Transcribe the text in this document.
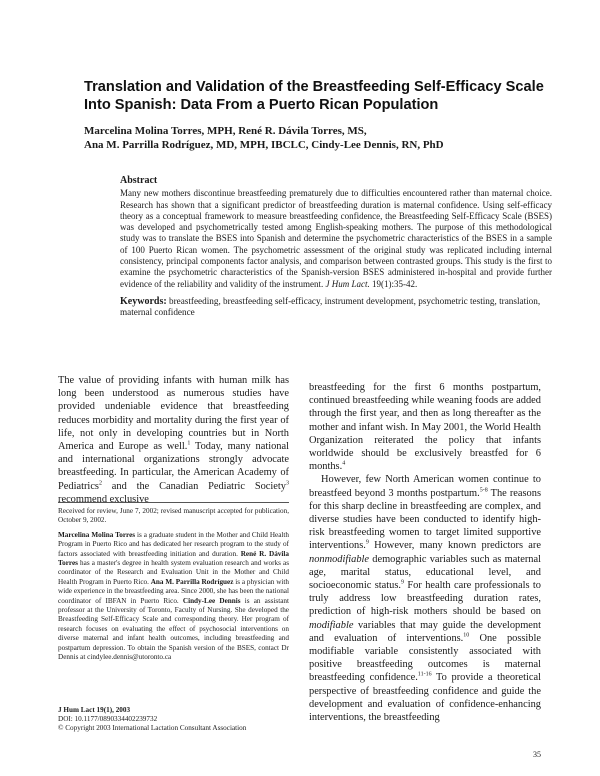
Translation and Validation of the Breastfeeding Self-Efficacy Scale Into Spanish: Data From a Puerto Rican Population
Marcelina Molina Torres, MPH, René R. Dávila Torres, MS,
Ana M. Parrilla Rodríguez, MD, MPH, IBCLC, Cindy-Lee Dennis, RN, PhD
Abstract
Many new mothers discontinue breastfeeding prematurely due to difficulties encountered rather than maternal choice. Research has shown that a significant predictor of breastfeeding duration is maternal confidence. Using self-efficacy theory as a conceptual framework to measure breastfeeding confidence, the Breastfeeding Self-Efficacy Scale (BSES) was developed and psychometrically tested among English-speaking mothers. The purpose of this methodological study was to translate the BSES into Spanish and determine the psychometric characteristics of the BSES in a sample of 100 Puerto Rican women. The psychometric assessment of the original study was replicated including internal consistency, principal components factor analysis, and comparison between contrasted groups. This study is the first to examine the psychometric characteristics of the Spanish-version BSES administered in-hospital and provide further evidence of the reliability and validity of the instrument. J Hum Lact. 19(1):35-42.
Keywords: breastfeeding, breastfeeding self-efficacy, instrument development, psychometric testing, translation, maternal confidence

The value of providing infants with human milk has long been understood as numerous studies have provided undeniable evidence that breastfeeding reduces morbidity and mortality during the first year of life, not only in developing countries but in North America and Europe as well.$^1$ Today, many national and international organizations strongly advocate breastfeeding. In particular, the American Academy of Pediatrics$^2$ and the Canadian Pediatric Society$^3$ recommend exclusive

Received for review, June 7, 2002; revised manuscript accepted for publication, October 9, 2002.

Marcelina Molina Torres is a graduate student in the Mother and Child Health Program in Puerto Rico and has dedicated her research program to the study of factors associated with breastfeeding initiation and duration. René R. Dávila Torres has a master's degree in health system evaluation research and works as coordinator of the Research and Evaluation Unit in the Mother and Child Health Program in Puerto Rico. Ana M. Parrilla Rodríguez is a physician with wide experience in the breastfeeding area. Since 2000, she has been the national coordinator of IBFAN in Puerto Rico. Cindy-Lee Dennis is an assistant professor at the University of Toronto, Faculty of Nursing. She developed the Breastfeeding Self-Efficacy Scale and corresponding theory. Her program of research focuses on evaluating the effect of psychosocial interventions on diverse maternal and infant health outcomes, including breastfeeding and postpartum depression. To obtain the Spanish version of the BSES, contact Dr Dennis at cindylee.dennis@utoronto.ca

J Hum Lact 19(1), 2003
DOI: 10.1177/0890334402239732
© Copyright 2003 International Lactation Consultant Association

breastfeeding for the first 6 months postpartum, continued breastfeeding while weaning foods are added through the first year, and then as long thereafter as the mother and infant wish. In May 2001, the World Health Organization reiterated the policy that infants worldwide should be exclusively breastfed for 6 months.$^4$

However, few North American women continue to breastfeed beyond 3 months postpartum.$^{5-8}$ The reasons for this sharp decline in breastfeeding are complex, and diverse studies have been conducted to identify high-risk breastfeeding women to target limited supportive interventions.$^9$ However, many known predictors are nonmodifiable demographic variables such as maternal age, marital status, educational level, and socioeconomic status.$^9$ For health care professionals to truly address low breastfeeding duration rates, prediction of high-risk mothers should be based on modifiable variables that may guide the development and evaluation of interventions.$^{10}$ One possible modifiable variable consistently associated with positive breastfeeding outcomes is maternal breastfeeding confidence.$^{11-16}$ To provide a theoretical perspective of breastfeeding confidence and guide the development and evaluation of confidence-enhancing interventions, the breastfeeding

35
